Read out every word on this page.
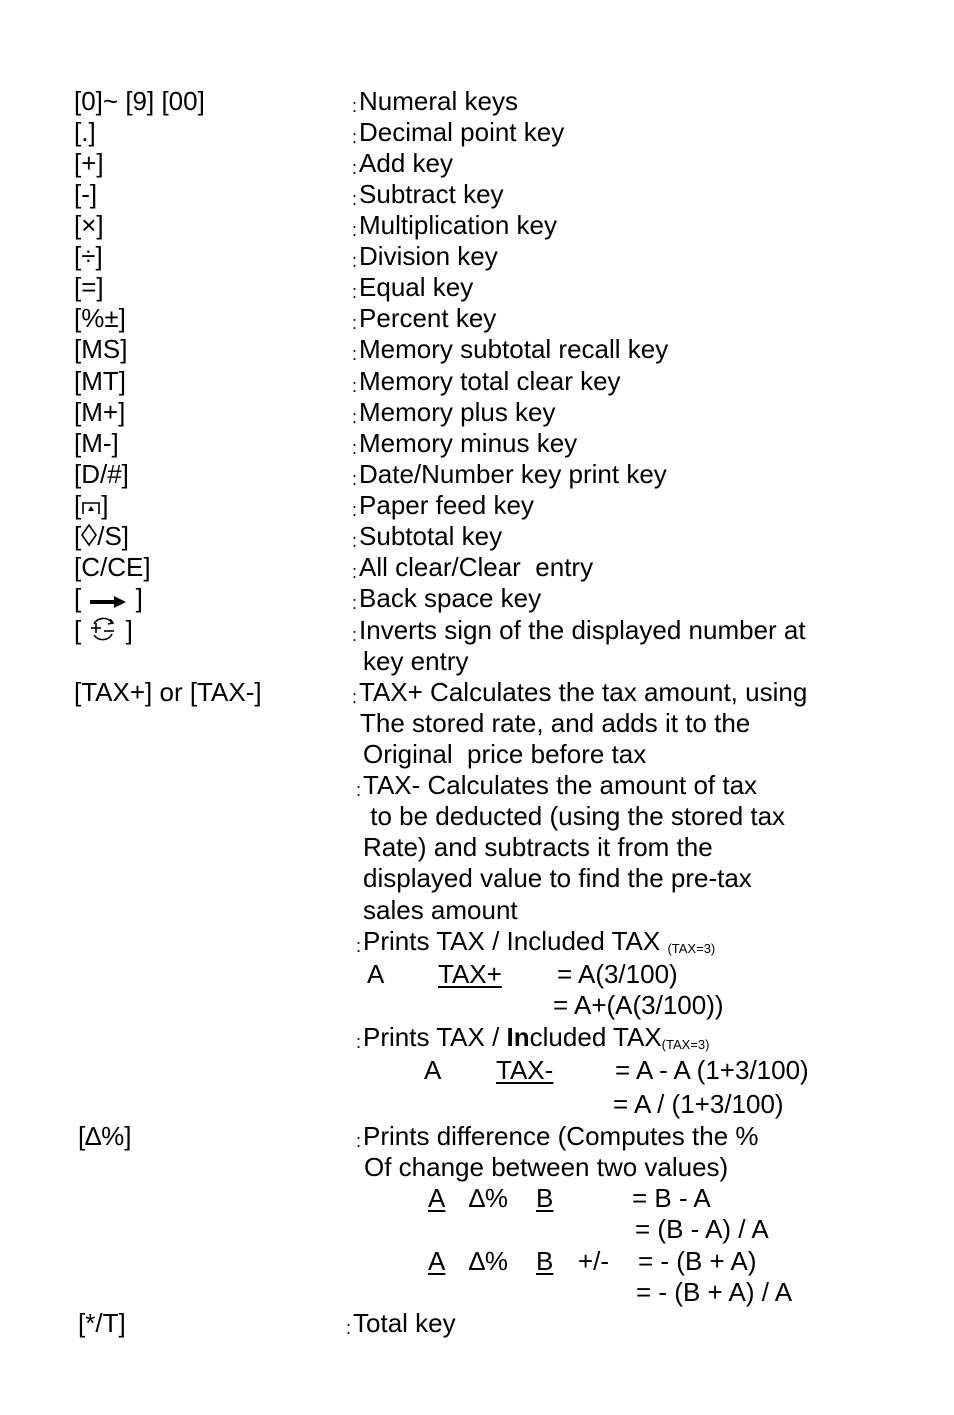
[0]~ [9] [00]	:Numeral keys
[.]	:Decimal point key
[+]	:Add key
[-]	:Subtract key
[×]	:Multiplication key
[÷]	:Division key
[=]	:Equal key
[%±]	:Percent key
[MS]	:Memory subtotal recall key
[MT]	:Memory total clear key
[M+]	:Memory plus key
[M-]	:Memory minus key
[D/#]	:Date/Number key print key
[ ]	:Paper feed key
[ /S]	:Subtotal key
[C/CE]	:All clear/Clear  entry
[  ]	:Back space key
[  ]	:Inverts sign of the displayed number at
key entry
[TAX+] or [TAX-]	:TAX+ Calculates the tax amount, using
The stored rate, and adds it to the
Original  price before tax
:TAX- Calculates the amount of tax
to be deducted (using the stored tax
Rate) and subtracts it from the
displayed value to find the pre-tax
sales amount
:Prints TAX / Included TAX $_{(TAX=3)}$
A TAX+ = A(3/100)
= A+(A(3/100))
:Prints TAX / Included $TAX_{(TAX=3)}$
A TAX- = A - A (1+3/100)
= A / (1+3/100)
[∆%]	:Prints difference (Computes the %
Of change between two values)
A ∆% B	= B - A
= (B - A) / A
A ∆% B +/- = - (B + A)
= - (B + A) / A
[*/T]	:Total key
